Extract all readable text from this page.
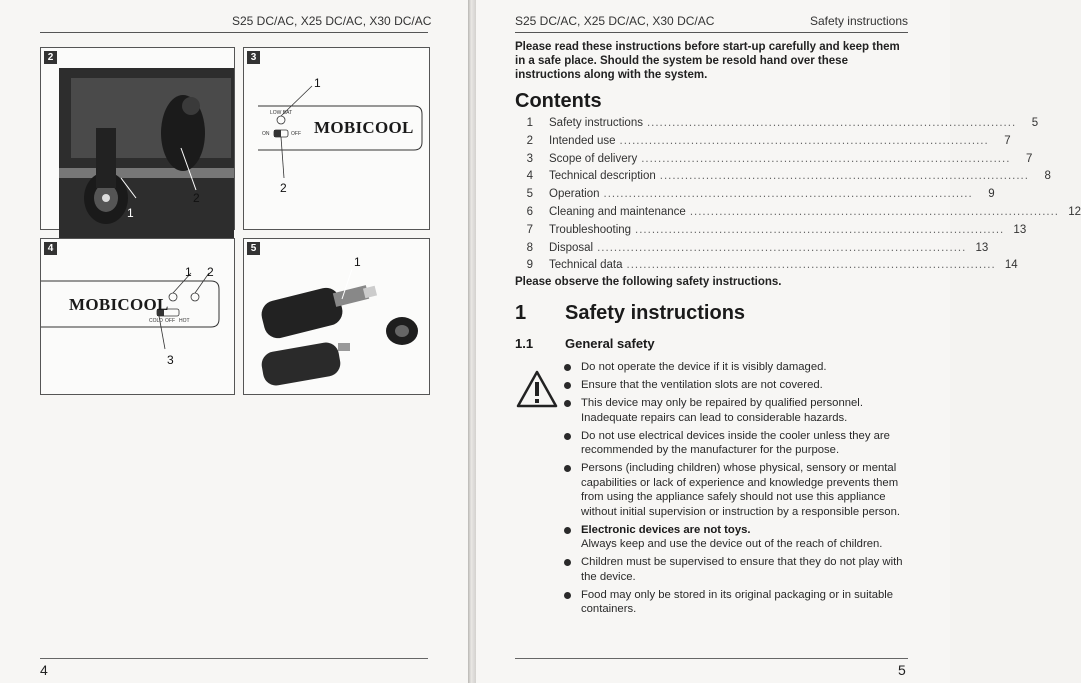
S25 DC/AC, X25 DC/AC, X30 DC/AC
2
1
2
3
1
2
MOBICOOL
LOW BAT
ON	OFF
4
MOBICOOL
1 2
3
COLD OFF HOT
5
1
4
S25 DC/AC, X25 DC/AC, X30 DC/AC	Safety instructions
Please read these instructions before start-up carefully and keep them in a safe place. Should the system be resold hand over these instructions along with the system.
Contents
1 Safety instructions ........................................................................................	5
2 Intended use ........................................................................................	7
3 Scope of delivery ........................................................................................	7
4 Technical description ........................................................................................	8
5 Operation ........................................................................................	9
6 Cleaning and maintenance ........................................................................................ 12
7 Troubleshooting ........................................................................................ 13
8 Disposal ........................................................................................ 13
9 Technical data ........................................................................................ 14
Please observe the following safety instructions.
1 Safety instructions
1.1 General safety
Do not operate the device if it is visibly damaged.
Ensure that the ventilation slots are not covered.
This device may only be repaired by qualified personnel. Inadequate repairs can lead to considerable hazards.
Do not use electrical devices inside the cooler unless they are recommended by the manufacturer for the purpose.
Persons (including children) whose physical, sensory or mental capabilities or lack of experience and knowledge prevents them from using the appliance safely should not use this appliance without initial supervision or instruction by a responsible person.
Electronic devices are not toys.
Always keep and use the device out of the reach of children.
Children must be supervised to ensure that they do not play with the device.
Food may only be stored in its original packaging or in suitable containers.
5
